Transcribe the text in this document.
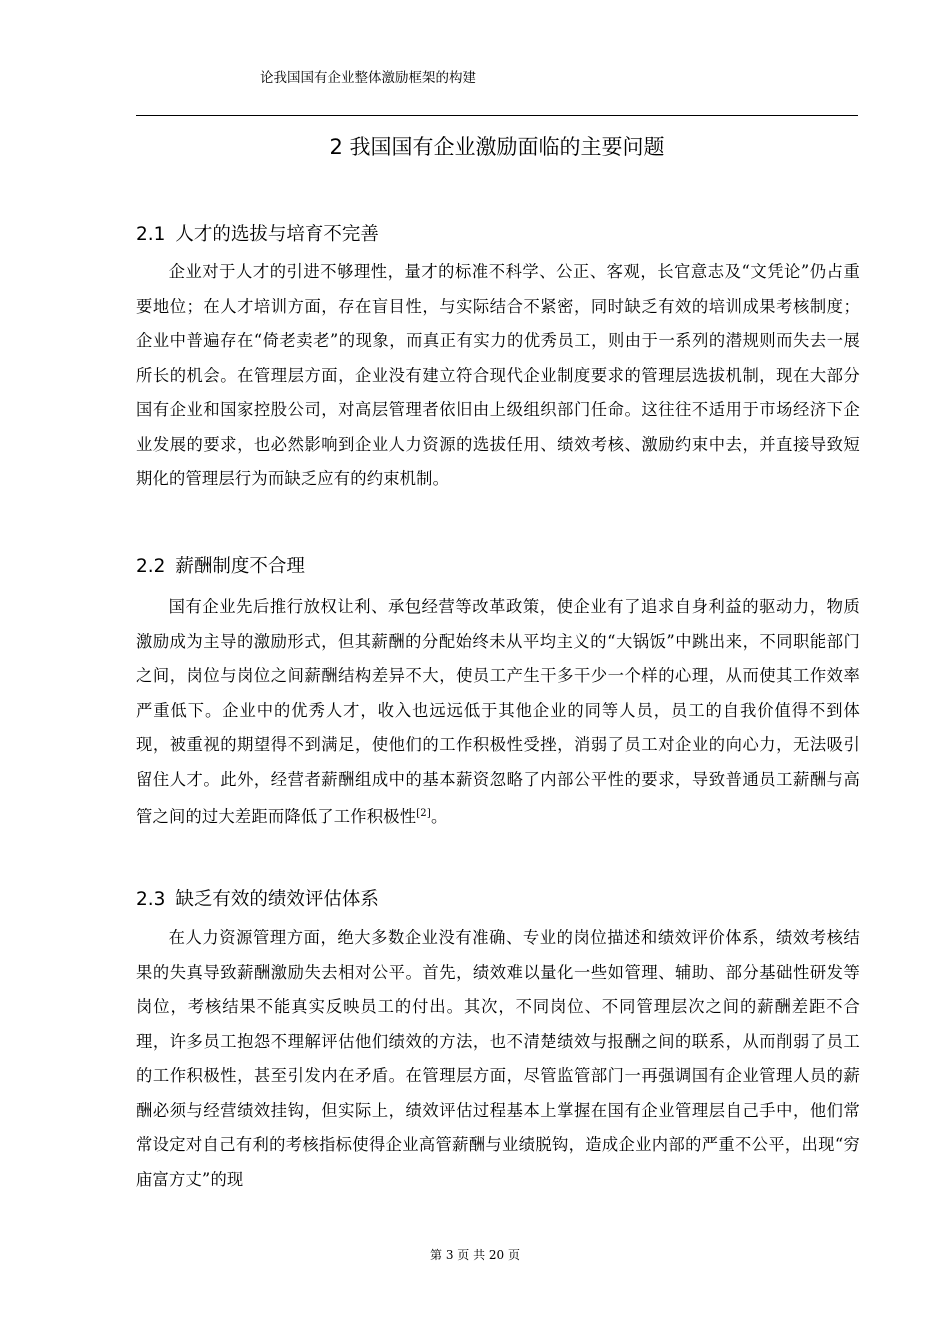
论我国国有企业整体激励框架的构建
2 我国国有企业激励面临的主要问题
2.1 人才的选拔与培育不完善

企业对于人才的引进不够理性，量才的标准不科学、公正、客观，长官意志及“文凭论”仍占重要地位；在人才培训方面，存在盲目性，与实际结合不紧密，同时缺乏有效的培训成果考核制度；企业中普遍存在“倚老卖老”的现象，而真正有实力的优秀员工，则由于一系列的潜规则而失去一展所长的机会。在管理层方面，企业没有建立符合现代企业制度要求的管理层选拔机制，现在大部分国有企业和国家控股公司，对高层管理者依旧由上级组织部门任命。这往往不适用于市场经济下企业发展的要求，也必然影响到企业人力资源的选拔任用、绩效考核、激励约束中去，并直接导致短期化的管理层行为而缺乏应有的约束机制。

2.2 薪酬制度不合理

国有企业先后推行放权让利、承包经营等改革政策，使企业有了追求自身利益的驱动力，物质激励成为主导的激励形式，但其薪酬的分配始终未从平均主义的“大锅饭”中跳出来，不同职能部门之间，岗位与岗位之间薪酬结构差异不大，使员工产生干多干少一个样的心理，从而使其工作效率严重低下。企业中的优秀人才，收入也远远低于其他企业的同等人员，员工的自我价值得不到体现，被重视的期望得不到满足，使他们的工作积极性受挫，消弱了员工对企业的向心力，无法吸引留住人才。此外，经营者薪酬组成中的基本薪资忽略了内部公平性的要求，导致普通员工薪酬与高管之间的过大差距而降低了工作积极性[2]。

2.3 缺乏有效的绩效评估体系

在人力资源管理方面，绝大多数企业没有准确、专业的岗位描述和绩效评价体系，绩效考核结果的失真导致薪酬激励失去相对公平。首先，绩效难以量化一些如管理、辅助、部分基础性研发等岗位，考核结果不能真实反映员工的付出。其次，不同岗位、不同管理层次之间的薪酬差距不合理，许多员工抱怨不理解评估他们绩效的方法，也不清楚绩效与报酬之间的联系，从而削弱了员工的工作积极性，甚至引发内在矛盾。在管理层方面，尽管监管部门一再强调国有企业管理人员的薪酬必须与经营绩效挂钩，但实际上，绩效评估过程基本上掌握在国有企业管理层自己手中，他们常常设定对自己有利的考核指标使得企业高管薪酬与业绩脱钩，造成企业内部的严重不公平，出现“穷庙富方丈”的现

第 3 页 共 20 页
